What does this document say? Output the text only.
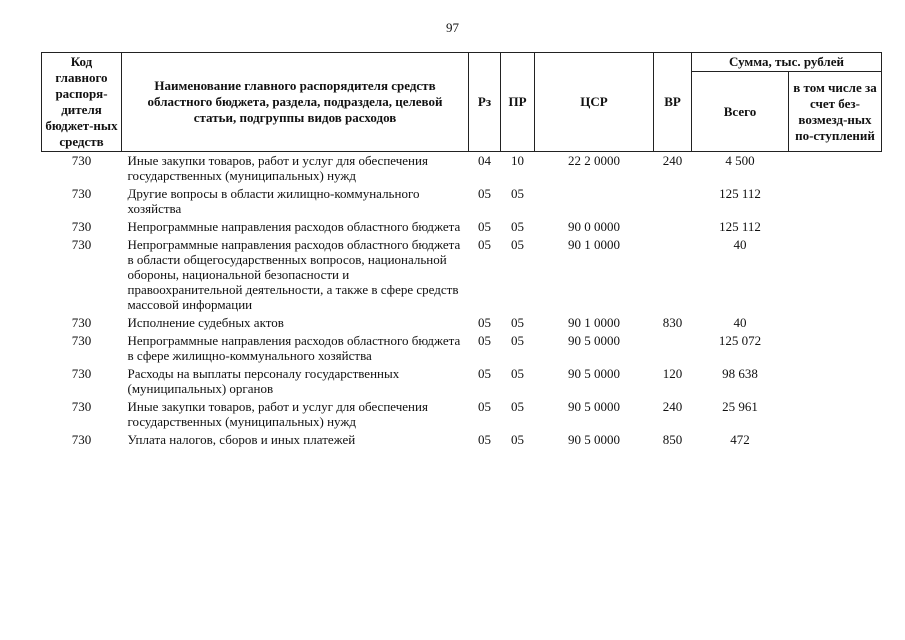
97
Код главного распоря-дителя бюджет-ных средств	Наименование главного распорядителя средств областного бюджета, раздела, подраздела, целевой статьи, подгруппы видов расходов	Рз	ПР	ЦСР	ВР	Сумма, тыс. рублей	
						Всего	в том числе за счет без-возмезд-ных по-ступлений
730	Иные закупки товаров, работ и услуг для обеспечения государственных (муниципальных) нужд	04	10	22 2 0000	240	4 500	
730	Другие вопросы в области жилищно-коммунального хозяйства	05	05			125 112	
730	Непрограммные направления расходов областного бюджета	05	05	90 0 0000		125 112	
730	Непрограммные направления расходов областного бюджета в области общегосударственных вопросов, национальной обороны, национальной безопасности и правоохранительной деятельности, а также в сфере средств массовой информации	05	05	90 1 0000		40	
730	Исполнение судебных актов	05	05	90 1 0000	830	40	
730	Непрограммные направления расходов областного бюджета в сфере жилищно-коммунального хозяйства	05	05	90 5 0000		125 072	
730	Расходы на выплаты персоналу государственных (муниципальных) органов	05	05	90 5 0000	120	98 638	
730	Иные закупки товаров, работ и услуг для обеспечения государственных (муниципальных) нужд	05	05	90 5 0000	240	25 961	
730	Уплата налогов, сборов и иных платежей	05	05	90 5 0000	850	472	
